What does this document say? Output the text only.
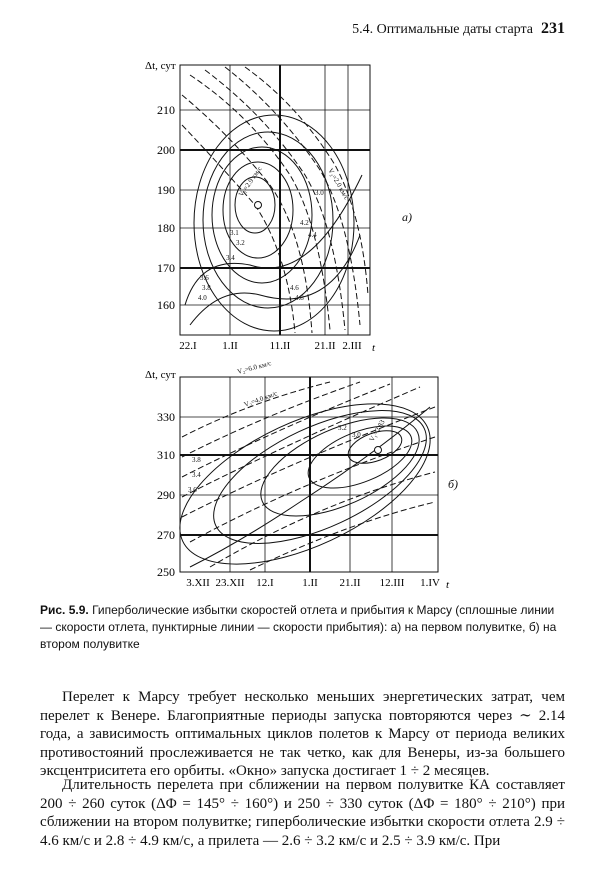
5.4. Оптимальные даты старта 231
Δt, сут
V₁=2.9 км/с	V₂=2.0 км/с
3.1
3.2
3.4
3.6
3.8
4.0
4.2
4.4
4.6
4.8
3.0
210
200
190
180
170
160
22.I 1.II	11.II 21.II 2.III t
а)
Δt, сут	V₂=6.0 км/с
V₂=4.0 км/с
V₁=2.83
3.0
3.2
3.4
3.6
3.8
330
310
290
270
250
3.XII 23.XII 12.I	1.II 21.II 12.III 1.IV t
б)
Рис. 5.9. Гиперболические избытки скоростей отлета и прибытия к Марсу (сплошные линии — скорости отлета, пунктирные линии — скорости прибытия): а) на первом полувитке, б) на втором полувитке
Перелет к Марсу требует несколько меньших энергетических затрат, чем перелет к Венере. Благоприятные периоды запуска повторяются через ∼ 2.14 года, а зависимость оптимальных циклов полетов к Марсу от периода великих противостояний прослеживается не так четко, как для Венеры, из-за большего эксцентриситета его орбиты. «Окно» запуска достигает 1 ÷ 2 месяцев.
Длительность перелета при сближении на первом полувитке КА составляет 200 ÷ 260 суток (ΔΦ = 145° ÷ 160°) и 250 ÷ 330 суток (ΔΦ = 180° ÷ 210°) при сближении на втором полувитке; гиперболические избытки скорости отлета 2.9 ÷ 4.6 км/с и 2.8 ÷ 4.9 км/с, а прилета — 2.6 ÷ 3.2 км/с и 2.5 ÷ 3.9 км/с. При
